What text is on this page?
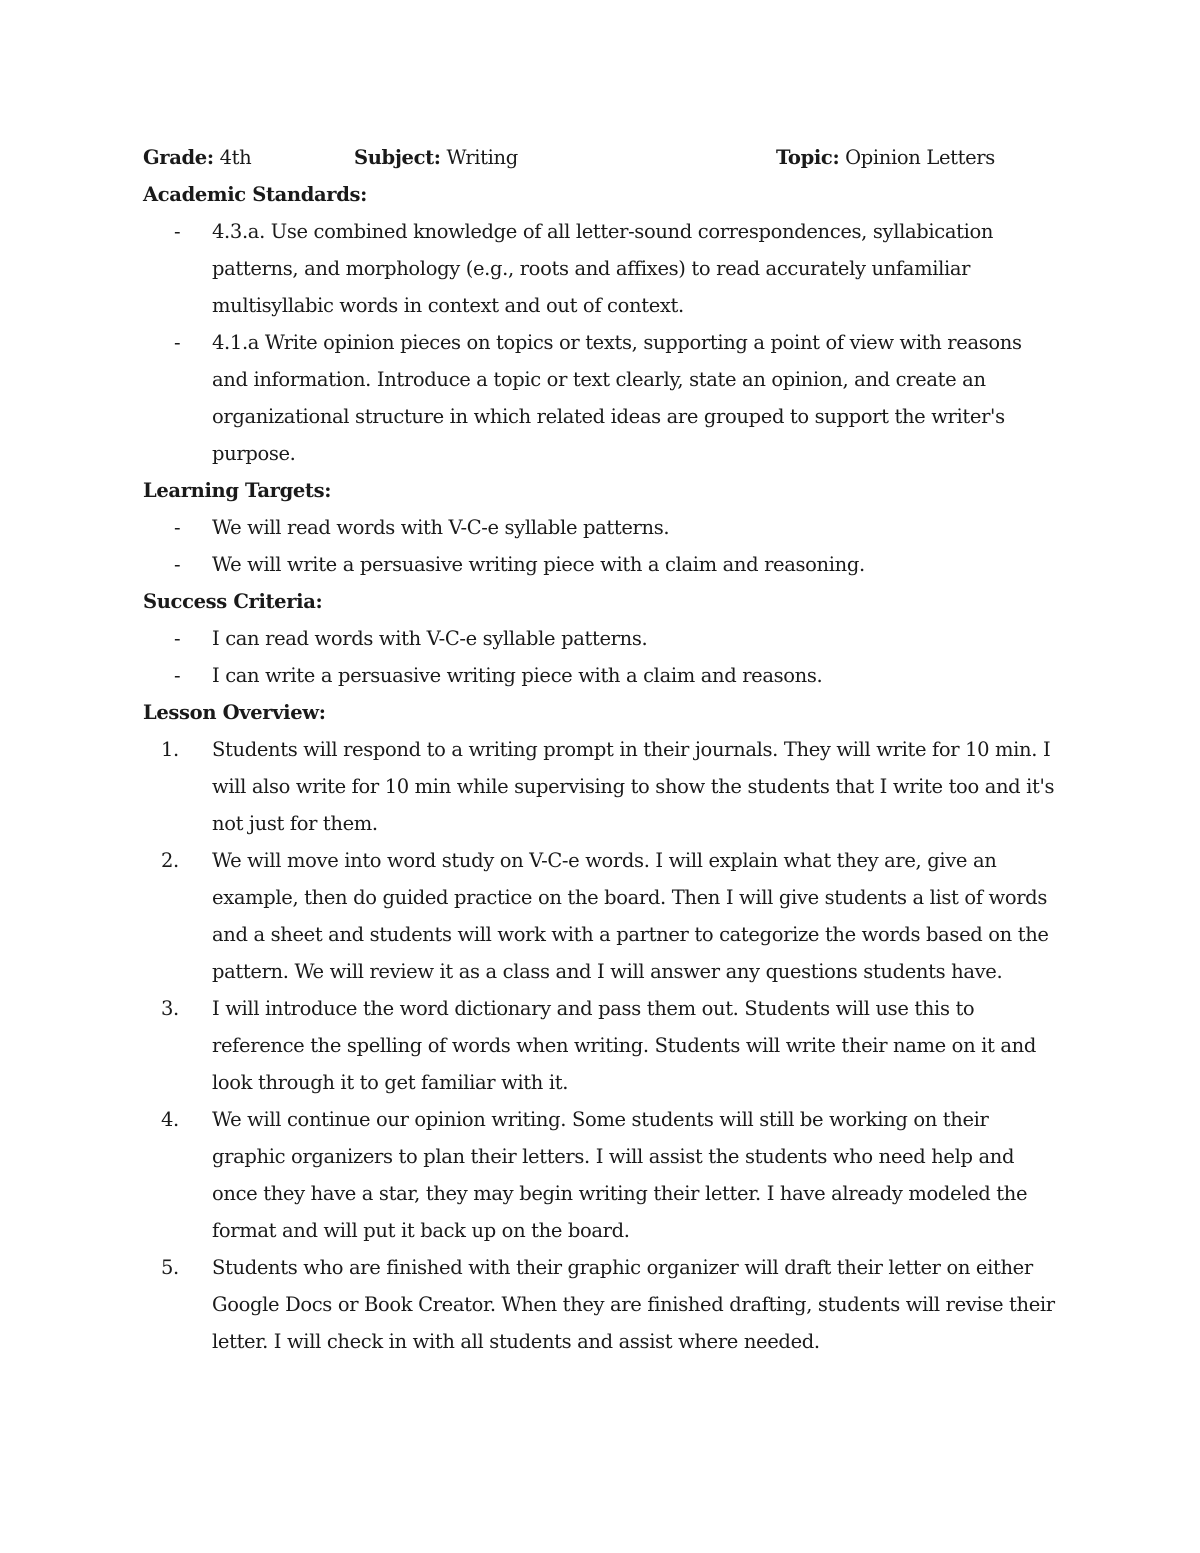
Grade: 4th	Subject: Writing	Topic: Opinion Letters
Academic Standards:
- 4.3.a. Use combined knowledge of all letter-sound correspondences, syllabication patterns, and morphology (e.g., roots and affixes) to read accurately unfamiliar multisyllabic words in context and out of context.
- 4.1.a Write opinion pieces on topics or texts, supporting a point of view with reasons and information. Introduce a topic or text clearly, state an opinion, and create an organizational structure in which related ideas are grouped to support the writer's purpose.
Learning Targets:
- We will read words with V-C-e syllable patterns.
- We will write a persuasive writing piece with a claim and reasoning.
Success Criteria:
- I can read words with V-C-e syllable patterns.
- I can write a persuasive writing piece with a claim and reasons.
Lesson Overview:
1. Students will respond to a writing prompt in their journals. They will write for 10 min. I will also write for 10 min while supervising to show the students that I write too and it's not just for them.
2. We will move into word study on V-C-e words. I will explain what they are, give an example, then do guided practice on the board. Then I will give students a list of words and a sheet and students will work with a partner to categorize the words based on the pattern. We will review it as a class and I will answer any questions students have.
3. I will introduce the word dictionary and pass them out. Students will use this to reference the spelling of words when writing. Students will write their name on it and look through it to get familiar with it.
4. We will continue our opinion writing. Some students will still be working on their graphic organizers to plan their letters. I will assist the students who need help and once they have a star, they may begin writing their letter. I have already modeled the format and will put it back up on the board.
5. Students who are finished with their graphic organizer will draft their letter on either Google Docs or Book Creator. When they are finished drafting, students will revise their letter. I will check in with all students and assist where needed.
